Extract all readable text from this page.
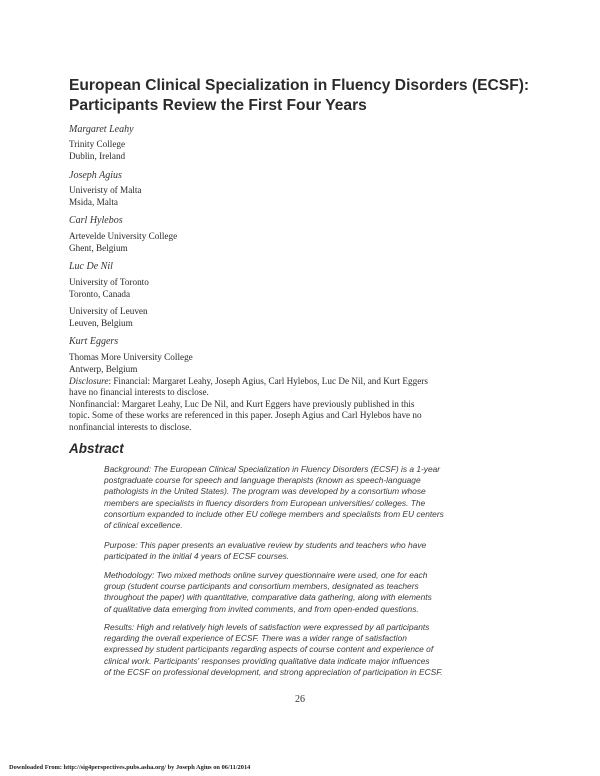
European Clinical Specialization in Fluency Disorders (ECSF):
Participants Review the First Four Years
Margaret Leahy
Trinity College
Dublin, Ireland
Joseph Agius
Univeristy of Malta
Msida, Malta
Carl Hylebos
Artevelde University College
Ghent, Belgium
Luc De Nil
University of Toronto
Toronto, Canada
University of Leuven
Leuven, Belgium
Kurt Eggers
Thomas More University College
Antwerp, Belgium
Disclosure: Financial: Margaret Leahy, Joseph Agius, Carl Hylebos, Luc De Nil, and Kurt Eggers
have no financial interests to disclose.
Nonfinancial: Margaret Leahy, Luc De Nil, and Kurt Eggers have previously published in this
topic. Some of these works are referenced in this paper. Joseph Agius and Carl Hylebos have no
nonfinancial interests to disclose.
Abstract
Background: The European Clinical Specialization in Fluency Disorders (ECSF) is a 1-year
postgraduate course for speech and language therapists (known as speech-language
pathologists in the United States). The program was developed by a consortium whose
members are specialists in fluency disorders from European universities/ colleges. The
consortium expanded to include other EU college members and specialists from EU centers
of clinical excellence.
Purpose: This paper presents an evaluative review by students and teachers who have
participated in the initial 4 years of ECSF courses.
Methodology: Two mixed methods online survey questionnaire were used, one for each
group (student course participants and consortium members, designated as teachers
throughout the paper) with quantitative, comparative data gathering, along with elements
of qualitative data emerging from invited comments, and from open-ended questions.
Results: High and relatively high levels of satisfaction were expressed by all participants
regarding the overall experience of ECSF. There was a wider range of satisfaction
expressed by student participants regarding aspects of course content and experience of
clinical work. Participants' responses providing qualitative data indicate major influences
of the ECSF on professional development, and strong appreciation of participation in ECSF.
26
Downloaded From: http://sig4perspectives.pubs.asha.org/ by Joseph Agius on 06/11/2014
